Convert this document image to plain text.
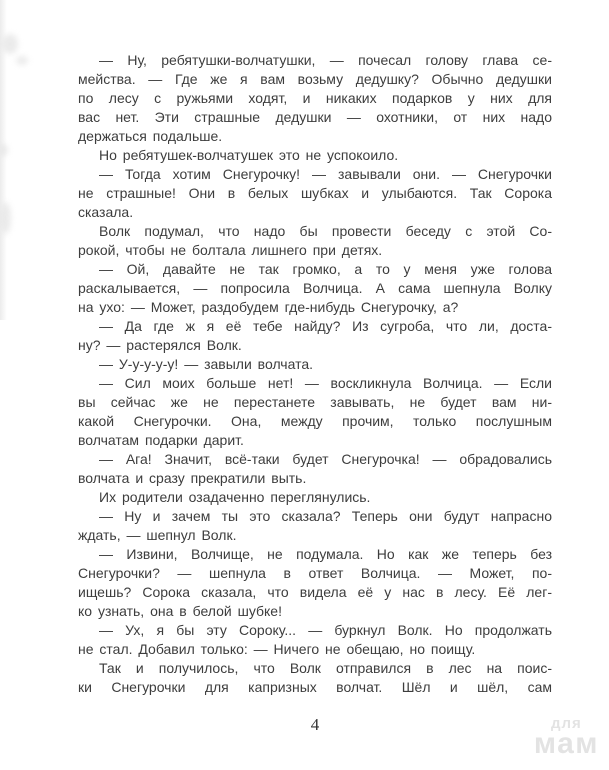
— Ну, ребятушки-волчатушки, — почесал голову глава се-
мейства. — Где же я вам возьму дедушку? Обычно дедушки
по лесу с ружьями ходят, и никаких подарков у них для
вас нет. Эти страшные дедушки — охотники, от них надо
держаться подальше.
Но ребятушек-волчатушек это не успокоило.
— Тогда хотим Снегурочку! — завывали они. — Снегурочки
не страшные! Они в белых шубках и улыбаются. Так Сорока
сказала.
Волк подумал, что надо бы провести беседу с этой Со-
рокой, чтобы не болтала лишнего при детях.
— Ой, давайте не так громко, а то у меня уже голова
раскалывается, — попросила Волчица. А сама шепнула Волку
на ухо: — Может, раздобудем где-нибудь Снегурочку, а?
— Да где ж я её тебе найду? Из сугроба, что ли, доста-
ну? — растерялся Волк.
— У-у-у-у-у! — завыли волчата.
— Сил моих больше нет! — воскликнула Волчица. — Если
вы сейчас же не перестанете завывать, не будет вам ни-
какой Снегурочки. Она, между прочим, только послушным
волчатам подарки дарит.
— Ага! Значит, всё-таки будет Снегурочка! — обрадовались
волчата и сразу прекратили выть.
Их родители озадаченно переглянулись.
— Ну и зачем ты это сказала? Теперь они будут напрасно
ждать, — шепнул Волк.
— Извини, Волчище, не подумала. Но как же теперь без
Снегурочки? — шепнула в ответ Волчица. — Может, по-
ищешь? Сорока сказала, что видела её у нас в лесу. Её лег-
ко узнать, она в белой шубке!
— Ух, я бы эту Сороку... — буркнул Волк. Но продолжать
не стал. Добавил только: — Ничего не обещаю, но поищу.
Так и получилось, что Волк отправился в лес на поис-
ки Снегурочки для капризных волчат. Шёл и шёл, сам
4	для
мам
